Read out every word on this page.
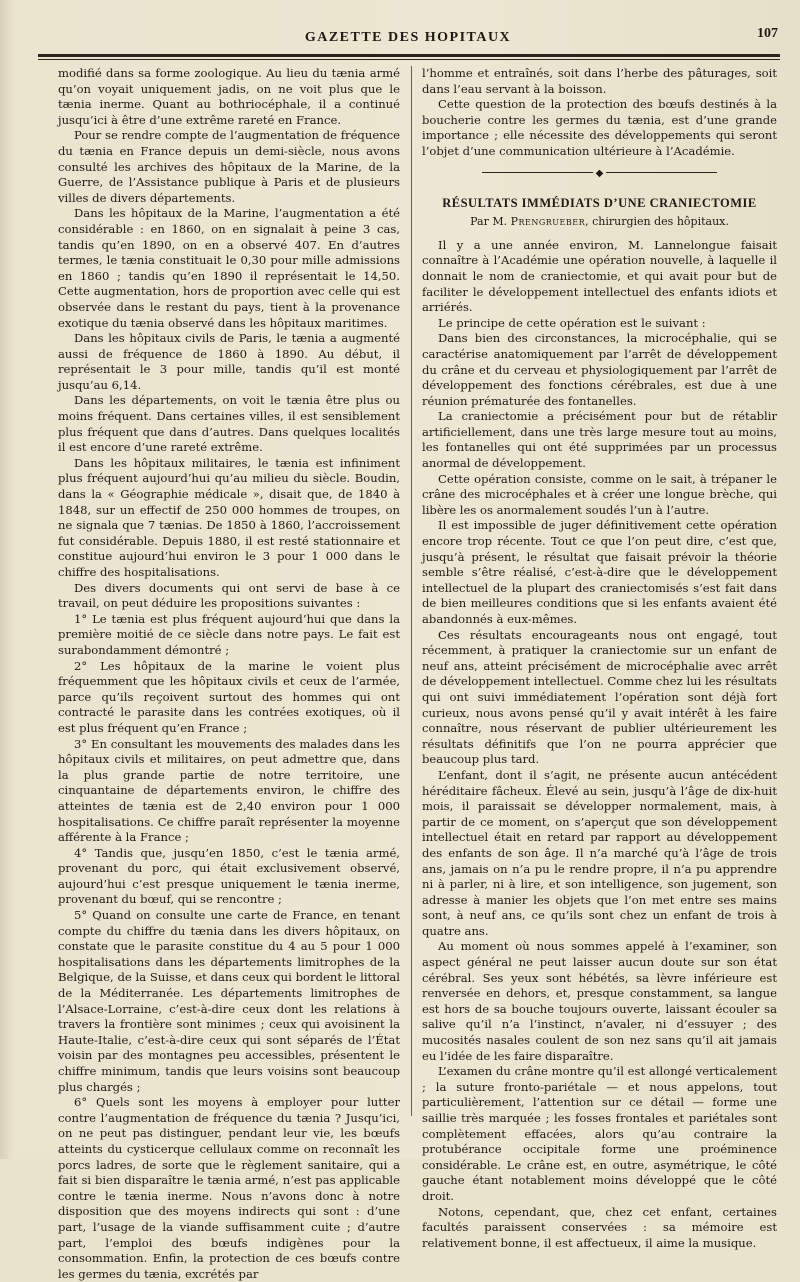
GAZETTE DES HOPITAUX	107

modifié dans sa forme zoologique. Au lieu du tænia armé qu’on voyait uniquement jadis, on ne voit plus que le tænia inerme. Quant au bothriocéphale, il a continué jusqu’ici à être d’une extrême rareté en France.

Pour se rendre compte de l’augmentation de fréquence du tænia en France depuis un demi-siècle, nous avons consulté les archives des hôpitaux de la Marine, de la Guerre, de l’Assistance publique à Paris et de plusieurs villes de divers départements.

Dans les hôpitaux de la Marine, l’augmentation a été considérable : en 1860, on en signalait à peine 3 cas, tandis qu’en 1890, on en a observé 407. En d’autres termes, le tænia constituait le 0,30 pour mille admissions en 1860 ; tandis qu’en 1890 il représentait le 14,50. Cette augmentation, hors de proportion avec celle qui est observée dans le restant du pays, tient à la provenance exotique du tænia observé dans les hôpitaux maritimes.

Dans les hôpitaux civils de Paris, le tænia a augmenté aussi de fréquence de 1860 à 1890. Au début, il représentait le 3 pour mille, tandis qu’il est monté jusqu’au 6,14.

Dans les départements, on voit le tænia être plus ou moins fréquent. Dans certaines villes, il est sensiblement plus fréquent que dans d’autres. Dans quelques localités il est encore d’une rareté extrême.

Dans les hôpitaux militaires, le tænia est infiniment plus fréquent aujourd’hui qu’au milieu du siècle. Boudin, dans la « Géographie médicale », disait que, de 1840 à 1848, sur un effectif de 250 000 hommes de troupes, on ne signala que 7 tænias. De 1850 à 1860, l’accroissement fut considérable. Depuis 1880, il est resté stationnaire et constitue aujourd’hui environ le 3 pour 1 000 dans le chiffre des hospitalisations.

Des divers documents qui ont servi de base à ce travail, on peut déduire les propositions suivantes :

1° Le tænia est plus fréquent aujourd’hui que dans la première moitié de ce siècle dans notre pays. Le fait est surabondamment démontré ;

2° Les hôpitaux de la marine le voient plus fréquemment que les hôpitaux civils et ceux de l’armée, parce qu’ils reçoivent surtout des hommes qui ont contracté le parasite dans les contrées exotiques, où il est plus fréquent qu’en France ;

3° En consultant les mouvements des malades dans les hôpitaux civils et militaires, on peut admettre que, dans la plus grande partie de notre territoire, une cinquantaine de départements environ, le chiffre des atteintes de tænia est de 2,40 environ pour 1 000 hospitalisations. Ce chiffre paraît représenter la moyenne afférente à la France ;

4° Tandis que, jusqu’en 1850, c’est le tænia armé, provenant du porc, qui était exclusivement observé, aujourd’hui c’est presque uniquement le tænia inerme, provenant du bœuf, qui se rencontre ;

5° Quand on consulte une carte de France, en tenant compte du chiffre du tænia dans les divers hôpitaux, on constate que le parasite constitue du 4 au 5 pour 1 000 hospitalisations dans les départements limitrophes de la Belgique, de la Suisse, et dans ceux qui bordent le littoral de la Méditerranée. Les départements limitrophes de l’Alsace-Lorraine, c’est-à-dire ceux dont les relations à travers la frontière sont minimes ; ceux qui avoisinent la Haute-Italie, c’est-à-dire ceux qui sont séparés de l’État voisin par des montagnes peu accessibles, présentent le chiffre minimum, tandis que leurs voisins sont beaucoup plus chargés ;

6° Quels sont les moyens à employer pour lutter contre l’augmentation de fréquence du tænia ? Jusqu’ici, on ne peut pas distinguer, pendant leur vie, les bœufs atteints du cysticerque cellulaux comme on reconnaît les porcs ladres, de sorte que le règlement sanitaire, qui a fait si bien disparaître le tænia armé, n’est pas applicable contre le tænia inerme. Nous n’avons donc à notre disposition que des moyens indirects qui sont : d’une part, l’usage de la viande suffisamment cuite ; d’autre part, l’emploi des bœufs indigènes pour la consommation. Enfin, la protection de ces bœufs contre les germes du tænia, excrétés par

l’homme et entraînés, soit dans l’herbe des pâturages, soit dans l’eau servant à la boisson.

Cette question de la protection des bœufs destinés à la boucherie contre les germes du tænia, est d’une grande importance ; elle nécessite des développements qui seront l’objet d’une communication ultérieure à l’Académie.

◆
RÉSULTATS IMMÉDIATS D’UNE CRANIECTOMIE
Par M. Prengrueber, chirurgien des hôpitaux.

Il y a une année environ, M. Lannelongue faisait connaître à l’Académie une opération nouvelle, à laquelle il donnait le nom de craniectomie, et qui avait pour but de faciliter le développement intellectuel des enfants idiots et arriérés.

Le principe de cette opération est le suivant :

Dans bien des circonstances, la microcéphalie, qui se caractérise anatomiquement par l’arrêt de développement du crâne et du cerveau et physiologiquement par l’arrêt de développement des fonctions cérébrales, est due à une réunion prématurée des fontanelles.

La craniectomie a précisément pour but de rétablir artificiellement, dans une très large mesure tout au moins, les fontanelles qui ont été supprimées par un processus anormal de développement.

Cette opération consiste, comme on le sait, à trépaner le crâne des microcéphales et à créer une longue brèche, qui libère les os anormalement soudés l’un à l’autre.

Il est impossible de juger définitivement cette opération encore trop récente. Tout ce que l’on peut dire, c’est que, jusqu’à présent, le résultat que faisait prévoir la théorie semble s’être réalisé, c’est-à-dire que le développement intellectuel de la plupart des craniectomisés s’est fait dans de bien meilleures conditions que si les enfants avaient été abandonnés à eux-mêmes.

Ces résultats encourageants nous ont engagé, tout récemment, à pratiquer la craniectomie sur un enfant de neuf ans, atteint précisément de microcéphalie avec arrêt de développement intellectuel. Comme chez lui les résultats qui ont suivi immédiatement l’opération sont déjà fort curieux, nous avons pensé qu’il y avait intérêt à les faire connaître, nous réservant de publier ultérieurement les résultats définitifs que l’on ne pourra apprécier que beaucoup plus tard.

L’enfant, dont il s’agit, ne présente aucun antécédent héréditaire fâcheux. Élevé au sein, jusqu’à l’âge de dix-huit mois, il paraissait se développer normalement, mais, à partir de ce moment, on s’aperçut que son développement intellectuel était en retard par rapport au développement des enfants de son âge. Il n’a marché qu’à l’âge de trois ans, jamais on n’a pu le rendre propre, il n’a pu apprendre ni à parler, ni à lire, et son intelligence, son jugement, son adresse à manier les objets que l’on met entre ses mains sont, à neuf ans, ce qu’ils sont chez un enfant de trois à quatre ans.

Au moment où nous sommes appelé à l’examiner, son aspect général ne peut laisser aucun doute sur son état cérébral. Ses yeux sont hébétés, sa lèvre inférieure est renversée en dehors, et, presque constamment, sa langue est hors de sa bouche toujours ouverte, laissant écouler sa salive qu’il n’a l’instinct, n’avaler, ni d’essuyer ; des mucosités nasales coulent de son nez sans qu’il ait jamais eu l’idée de les faire disparaître.

L’examen du crâne montre qu’il est allongé verticalement ; la suture fronto-pariétale — et nous appelons, tout particulièrement, l’attention sur ce détail — forme une saillie très marquée ; les fosses frontales et pariétales sont complètement effacées, alors qu’au contraire la protubérance occipitale forme une proéminence considérable. Le crâne est, en outre, asymétrique, le côté gauche étant notablement moins développé que le côté droit.

Notons, cependant, que, chez cet enfant, certaines facultés paraissent conservées : sa mémoire est relativement bonne, il est affectueux, il aime la musique.
